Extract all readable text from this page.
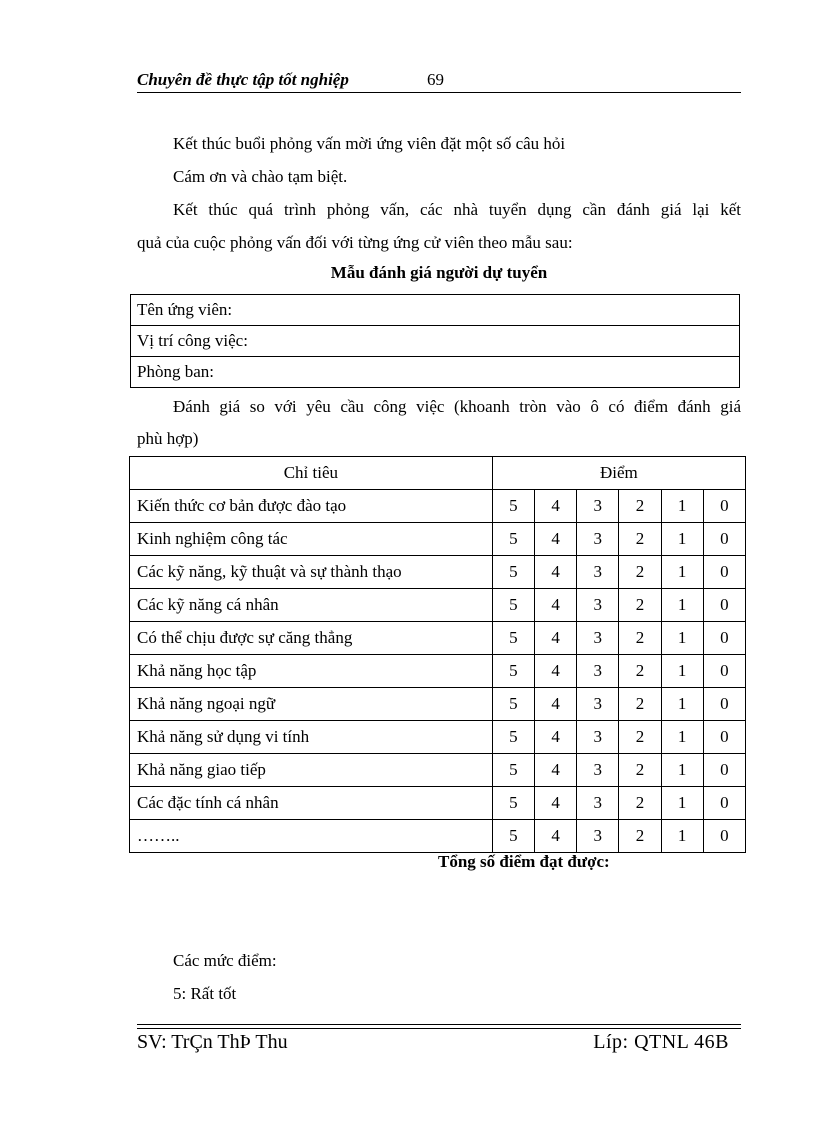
Chuyên đề thực tập tốt nghiệp	69
Kết thúc buổi phỏng vấn mời ứng viên đặt một số câu hỏi
Cám ơn và chào tạm biệt.
Kết thúc quá trình phỏng vấn, các nhà tuyển dụng cần đánh giá lại kết
quả của cuộc phỏng vấn đối với từng ứng cử viên theo mẫu sau:
Mẫu đánh giá người dự tuyển
Tên ứng viên:
Vị trí công việc:
Phòng ban:
Đánh giá so với yêu cầu công việc (khoanh tròn vào ô có điểm đánh giá
phù hợp)
Chỉ tiêu	Điểm					
Kiến thức cơ bản được đào tạo	5	4	3	2	1	0
Kinh nghiệm công tác	5	4	3	2	1	0
Các kỹ năng, kỹ thuật và sự thành thạo	5	4	3	2	1	0
Các kỹ năng cá nhân	5	4	3	2	1	0
Có thể chịu được sự căng thẳng	5	4	3	2	1	0
Khả năng học tập	5	4	3	2	1	0
Khả năng ngoại ngữ	5	4	3	2	1	0
Khả năng sử dụng vi tính	5	4	3	2	1	0
Khả năng giao tiếp	5	4	3	2	1	0
Các đặc tính cá nhân	5	4	3	2	1	0
……..	5	4	3	2	1	0
Tổng số điểm đạt được:
Các mức điểm:
5: Rất tốt
SV: TrÇn ThÞ Thu	Líp: QTNL 46B
